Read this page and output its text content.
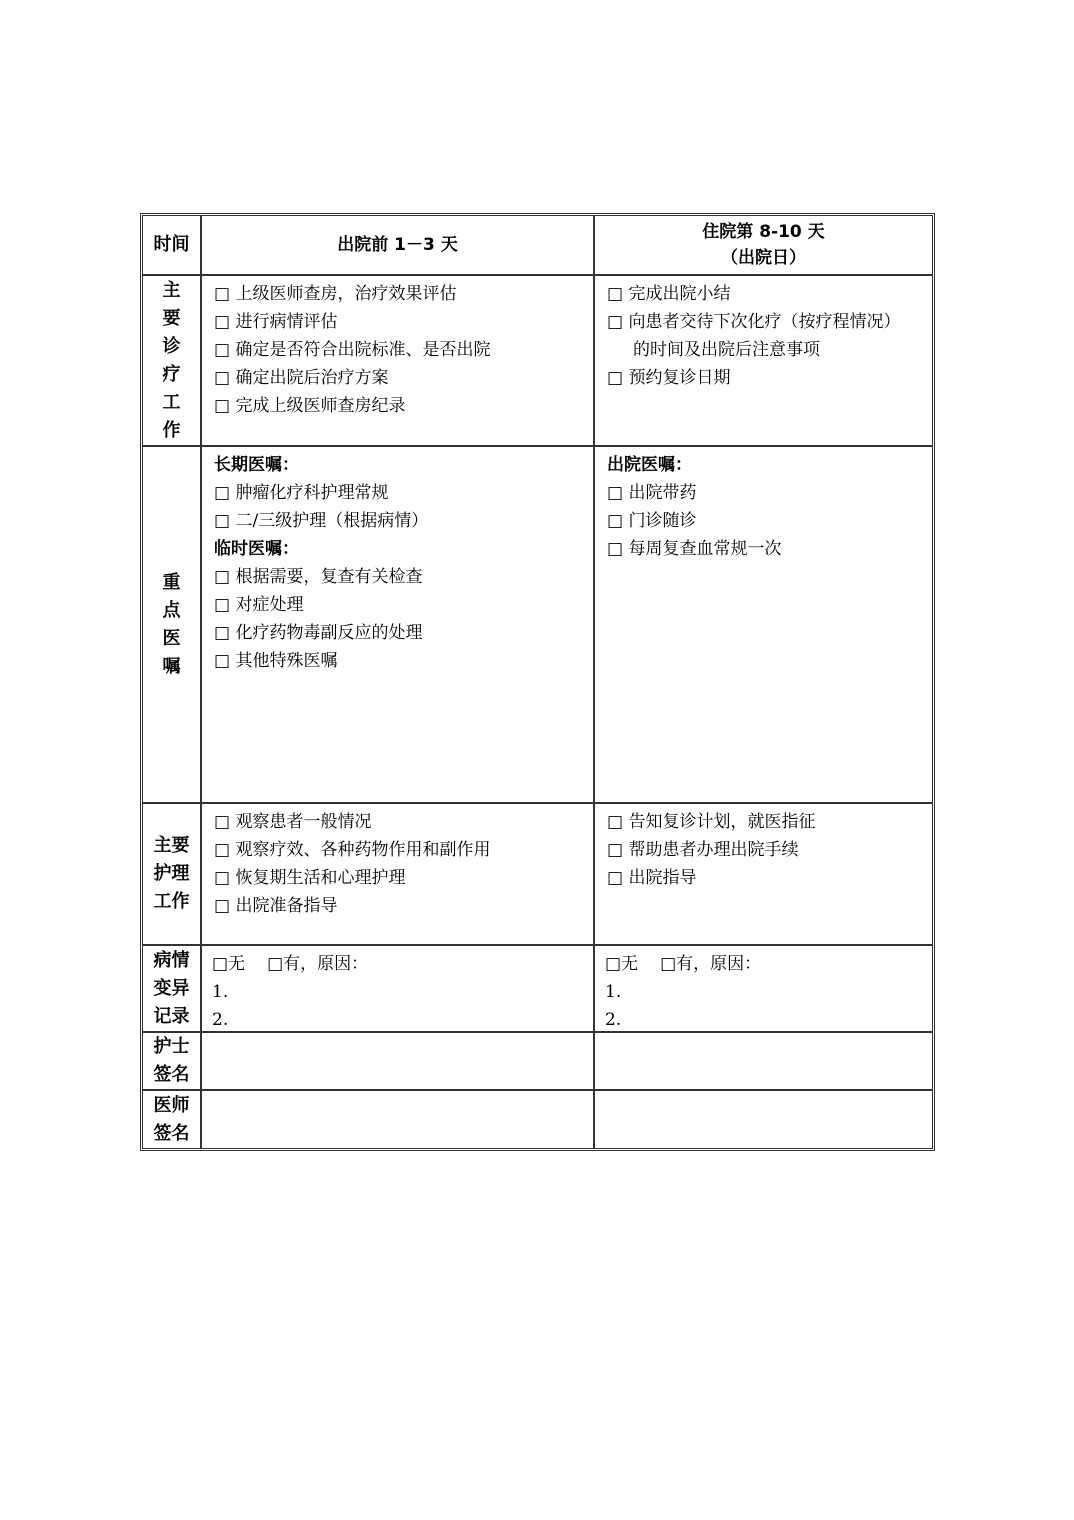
时间	出院前 1－3 天
住院第 8-10 天
（出院日）
主
要
诊
疗
工
作
□ 上级医师查房，治疗效果评估
□ 进行病情评估
□ 确定是否符合出院标准、是否出院
□ 确定出院后治疗方案
□ 完成上级医师查房纪录
□ 完成出院小结
□ 向患者交待下次化疗（按疗程情况）
的时间及出院后注意事项
□ 预约复诊日期
重
点
医
嘱
长期医嘱：
□ 肿瘤化疗科护理常规
□ 二/三级护理（根据病情）
临时医嘱：
□ 根据需要，复查有关检查
□ 对症处理
□ 化疗药物毒副反应的处理
□ 其他特殊医嘱
出院医嘱：
□ 出院带药
□ 门诊随诊
□ 每周复查血常规一次
主要
护理
工作
□ 观察患者一般情况
□ 观察疗效、各种药物作用和副作用
□ 恢复期生活和心理护理
□ 出院准备指导
□ 告知复诊计划，就医指征
□ 帮助患者办理出院手续
□ 出院指导
病情
变异
记录
□无 □有，原因：
1.
2.
□无 □有，原因：
1.
2.
护士
签名
医师
签名
